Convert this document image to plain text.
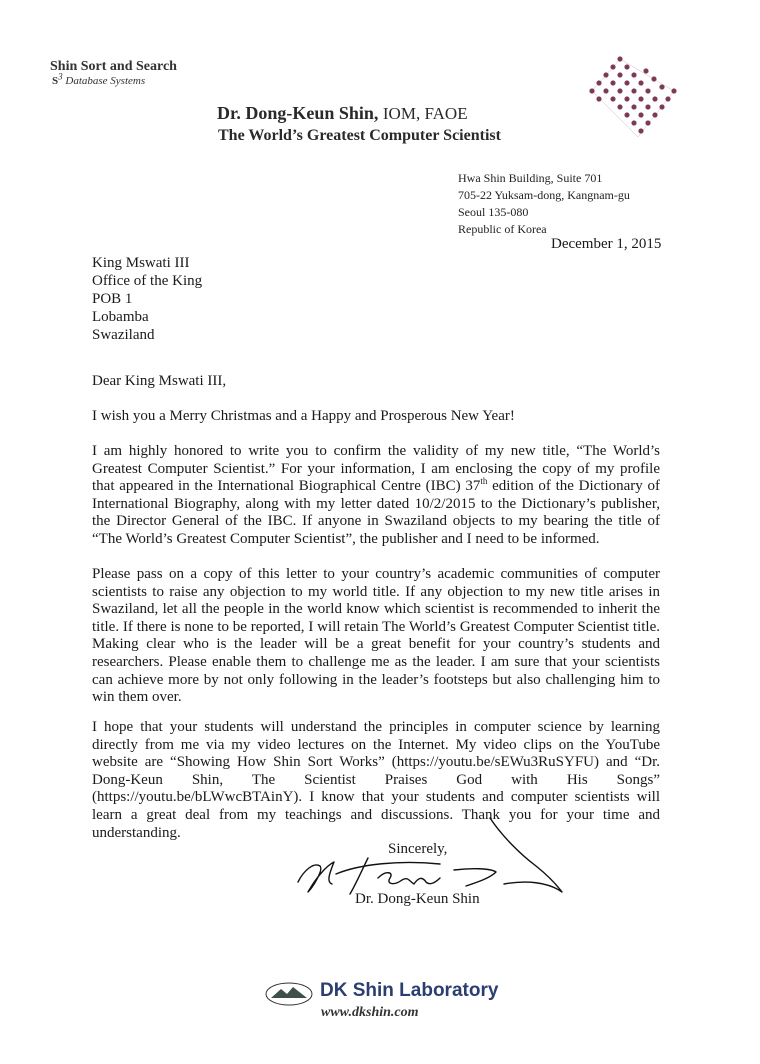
Shin Sort and Search
$S^3$ Database Systems
Dr. Dong-Keun Shin, IOM, FAOE
The World’s Greatest Computer Scientist
Hwa Shin Building, Suite 701
705-22 Yuksam-dong, Kangnam-gu
Seoul 135-080
Republic of Korea
December 1, 2015
King Mswati III
Office of the King
POB 1
Lobamba
Swaziland
Dear King Mswati III,
I wish you a Merry Christmas and a Happy and Prosperous New Year!
I am highly honored to write you to confirm the validity of my new title, “The World’s Greatest Computer Scientist.” For your information, I am enclosing the copy of my profile that appeared in the International Biographical Centre (IBC) 37th edition of the Dictionary of International Biography, along with my letter dated 10/2/2015 to the Dictionary’s publisher, the Director General of the IBC. If anyone in Swaziland objects to my bearing the title of “The World’s Greatest Computer Scientist”, the publisher and I need to be informed.
Please pass on a copy of this letter to your country’s academic communities of computer scientists to raise any objection to my world title. If any objection to my new title arises in Swaziland, let all the people in the world know which scientist is recommended to inherit the title. If there is none to be reported, I will retain The World’s Greatest Computer Scientist title. Making clear who is the leader will be a great benefit for your country’s students and researchers. Please enable them to challenge me as the leader. I am sure that your scientists can achieve more by not only following in the leader’s footsteps but also challenging him to win them over.
I hope that your students will understand the principles in computer science by learning directly from me via my video lectures on the Internet. My video clips on the YouTube website are “Showing How Shin Sort Works” (https://youtu.be/sEWu3RuSYFU) and “Dr. Dong-Keun Shin, The Scientist Praises God with His Songs” (https://youtu.be/bLWwcBTAinY). I know that your students and computer scientists will learn a great deal from my teachings and discussions. Thank you for your time and understanding.
Sincerely,
Dr. Dong-Keun Shin
DK Shin Laboratory
www.dkshin.com
